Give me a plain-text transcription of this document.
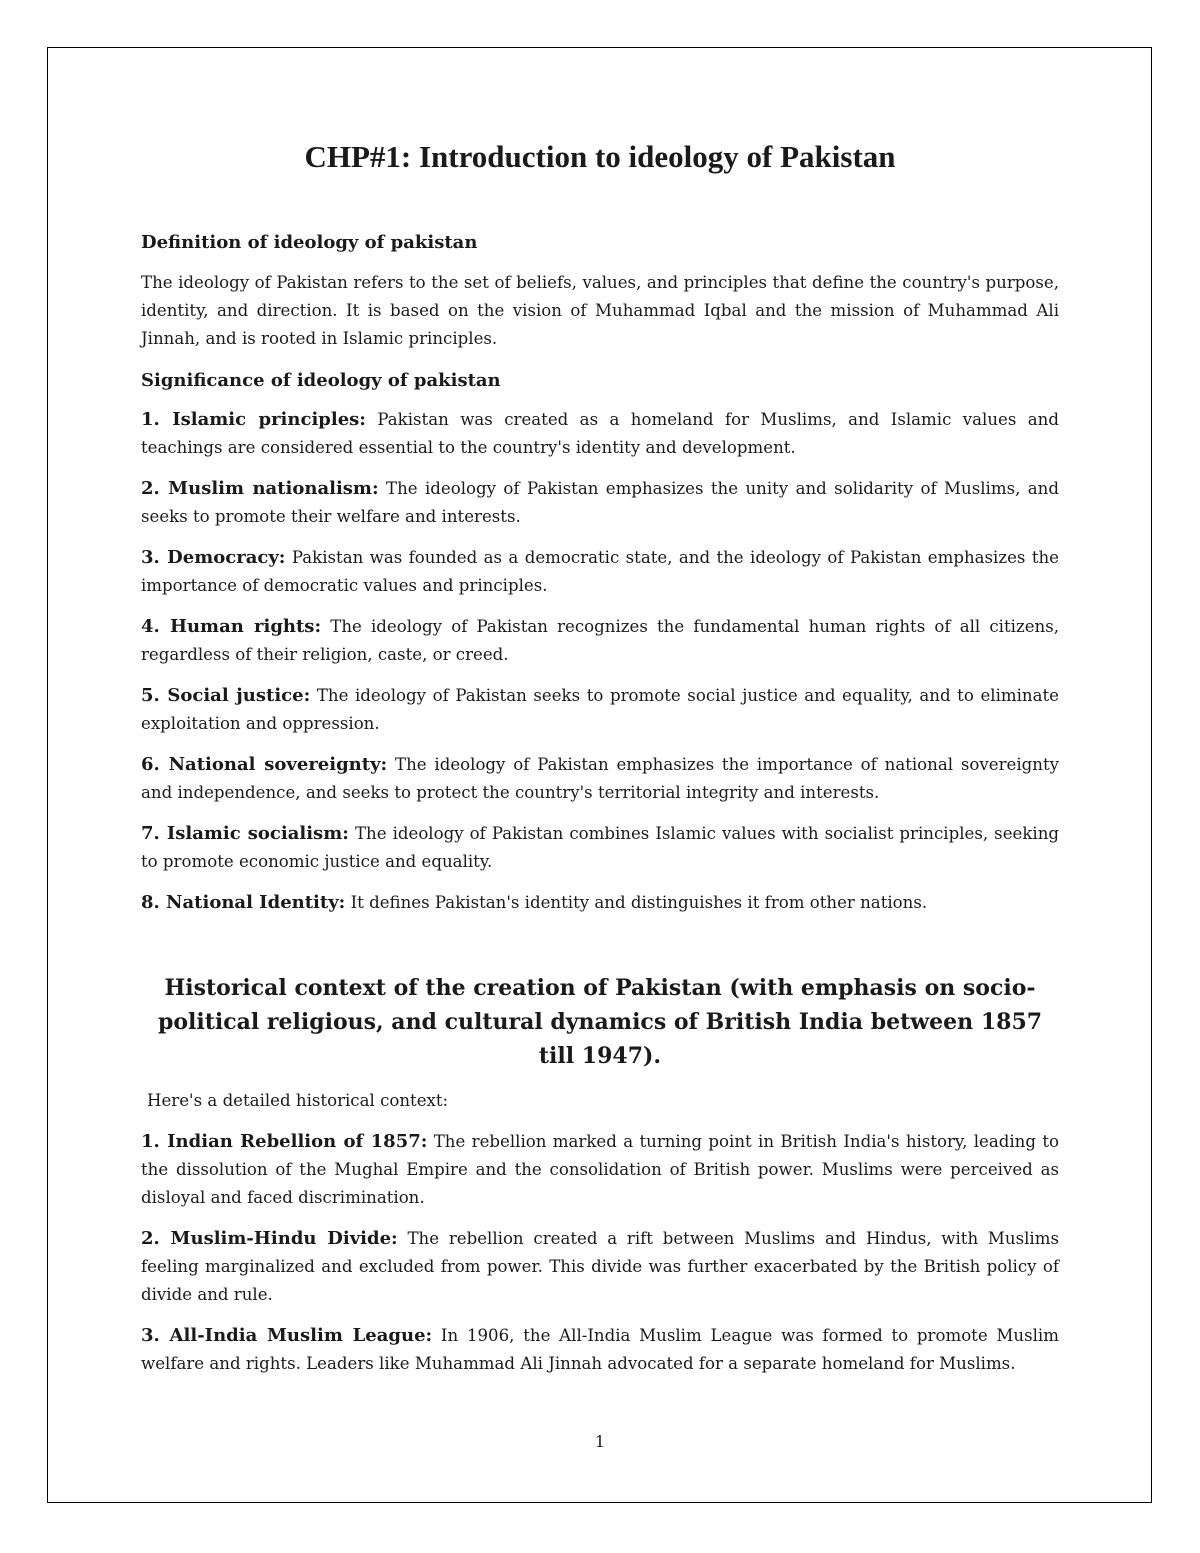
CHP#1: Introduction to ideology of Pakistan
Definition of ideology of pakistan

The ideology of Pakistan refers to the set of beliefs, values, and principles that define the country's purpose, identity, and direction. It is based on the vision of Muhammad Iqbal and the mission of Muhammad Ali Jinnah, and is rooted in Islamic principles.

Significance of ideology of pakistan

1. Islamic principles: Pakistan was created as a homeland for Muslims, and Islamic values and teachings are considered essential to the country's identity and development.

2. Muslim nationalism: The ideology of Pakistan emphasizes the unity and solidarity of Muslims, and seeks to promote their welfare and interests.

3. Democracy: Pakistan was founded as a democratic state, and the ideology of Pakistan emphasizes the importance of democratic values and principles.

4. Human rights: The ideology of Pakistan recognizes the fundamental human rights of all citizens, regardless of their religion, caste, or creed.

5. Social justice: The ideology of Pakistan seeks to promote social justice and equality, and to eliminate exploitation and oppression.

6. National sovereignty: The ideology of Pakistan emphasizes the importance of national sovereignty and independence, and seeks to protect the country's territorial integrity and interests.

7. Islamic socialism: The ideology of Pakistan combines Islamic values with socialist principles, seeking to promote economic justice and equality.

8. National Identity: It defines Pakistan's identity and distinguishes it from other nations.

Historical context of the creation of Pakistan (with emphasis on socio-political religious, and cultural dynamics of British India between 1857 till 1947).

Here's a detailed historical context:

1. Indian Rebellion of 1857: The rebellion marked a turning point in British India's history, leading to the dissolution of the Mughal Empire and the consolidation of British power. Muslims were perceived as disloyal and faced discrimination.

2. Muslim-Hindu Divide: The rebellion created a rift between Muslims and Hindus, with Muslims feeling marginalized and excluded from power. This divide was further exacerbated by the British policy of divide and rule.

3. All-India Muslim League: In 1906, the All-India Muslim League was formed to promote Muslim welfare and rights. Leaders like Muhammad Ali Jinnah advocated for a separate homeland for Muslims.

1
